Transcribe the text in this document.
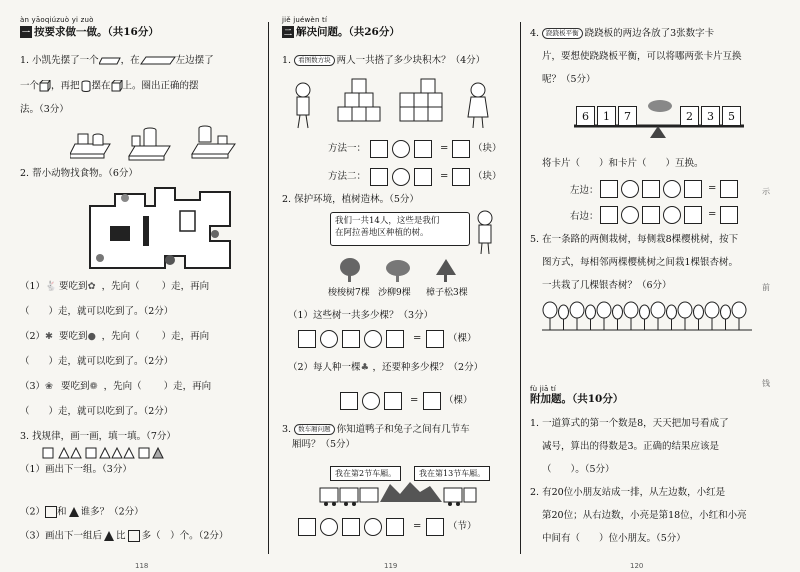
àn yāoqiúzuò yi zuò
一 按要求做一做。（共16分）
1. 小凯先摆了一个 ，在	左边摆了
一个 ，再把 摆在 上。圈出正确的摆
法。（3分）
2. 帮小动物找食物。（6分）
（1）🐇 要吃到✿ ，先向（ ）走，再向
（　　）走，就可以吃到了。（2分）
（2）✱ 要吃到● ，先向（ ）走，再向
（　　）走，就可以吃到了。（2分）
（3）❀ 要吃到❁ ，先向（ ）走，再向
（　　）走，就可以吃到了。（2分）
3. 找规律，画一画，填一填。（7分）
（1）画出下一组。（3分）
（2） 和 谁多？（2分）
（3）画出下一组后 比 多（　）个。（2分）
118
jiě juéwèn tí
二 解决问题。（共26分）
1. 看图数方块 两人一共搭了多少块积木？（4分）
方法一：	=	（块）
方法二：	=	（块）
2. 保护环境，植树造林。（5分）
我们一共14人，这些是我们
在阿拉善地区种植的树。
梭梭树7棵 沙柳9棵 樟子松3棵
（1）这些树一共多少棵？（3分）
=	（棵）
（2）每人种一棵♣ ，还要种多少棵？（2分）
=	（棵）
3. 数车厢问题 你知道鸭子和兔子之间有几节车
厢吗？（5分）
我在第2节车厢。	我在第13节车厢。
=	（节）
119
4. 跷跷板平衡 跷跷板的两边各放了3张数字卡
片，要想使跷跷板平衡，可以将哪两张卡片互换
呢？（5分）
6	1	7	2	3	5
将卡片（　　）和卡片（　　）互换。
左边：	=
右边：	=
5. 在一条路的两侧栽树，每侧栽8棵樱桃树，按下
图方式，每相邻两棵樱桃树之间栽1棵银杏树。
一共栽了几棵银杏树？（6分）
fù jiā tí
附加题。（共10分）
1. 一道算式的第一个数是8，天天把加号看成了
减号，算出的得数是3。正确的结果应该是
（　　）。（5分）
2. 有20位小朋友站成一排，从左边数，小红是
第20位；从右边数，小亮是第18位，小红和小亮
中间有（　　）位小朋友。（5分）
示
前
钱
120
